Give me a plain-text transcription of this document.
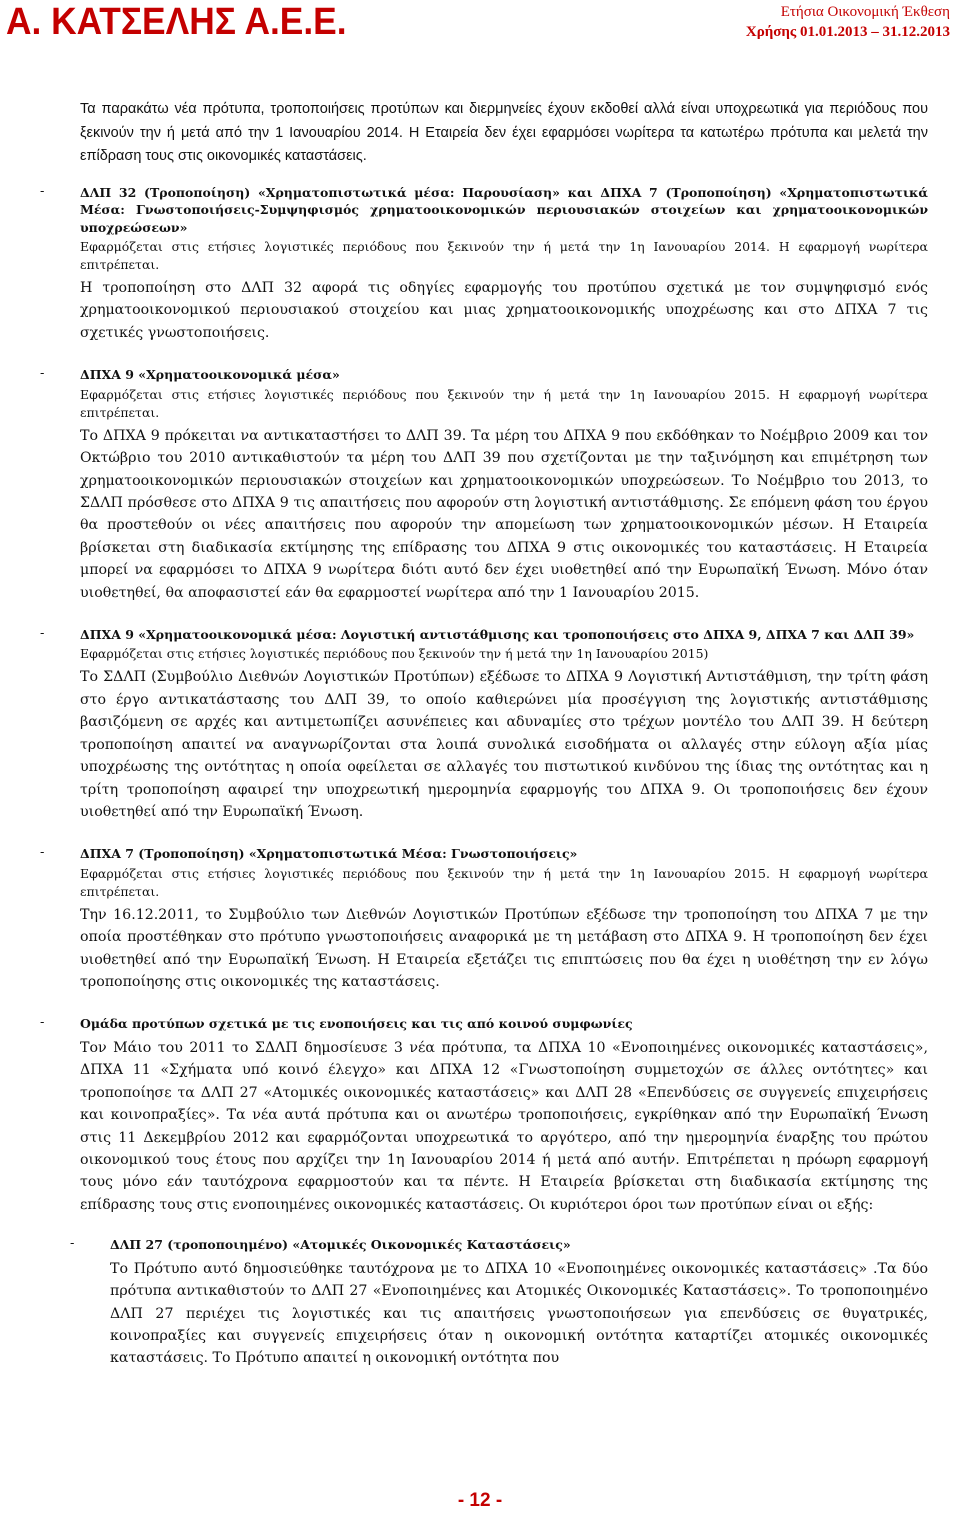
Α. ΚΑΤΣΕΛΗΣ Α.Ε.Ε.	Ετήσια Οικονομική Έκθεση
Χρήσης 01.01.2013 – 31.12.2013

Τα παρακάτω νέα πρότυπα, τροποποιήσεις προτύπων και διερμηνείες έχουν εκδοθεί αλλά είναι υποχρεωτικά για περιόδους που ξεκινούν την ή μετά από την 1 Ιανουαρίου 2014. Η Εταιρεία δεν έχει εφαρμόσει νωρίτερα τα κατωτέρω πρότυπα και μελετά την επίδραση τους στις οικονομικές καταστάσεις.

-	ΔΛΠ 32 (Τροποποίηση) «Χρηματοπιστωτικά μέσα: Παρουσίαση» και ΔΠΧΑ 7 (Τροποποίηση) «Χρηματοπιστωτικά Μέσα: Γνωστοποιήσεις-Συμψηφισμός χρηματοοικονομικών περιουσιακών στοιχείων και χρηματοοικονομικών υποχρεώσεων»

Εφαρμόζεται στις ετήσιες λογιστικές περιόδους που ξεκινούν την ή μετά την 1η Ιανουαρίου 2014. Η εφαρμογή νωρίτερα επιτρέπεται.

Η τροποποίηση στο ΔΛΠ 32 αφορά τις οδηγίες εφαρμογής του προτύπου σχετικά με τον συμψηφισμό ενός χρηματοοικονομικού περιουσιακού στοιχείου και μιας χρηματοοικονομικής υποχρέωσης και στο ΔΠΧΑ 7 τις σχετικές γνωστοποιήσεις.

-	ΔΠΧΑ 9 «Χρηματοοικονομικά μέσα»

Εφαρμόζεται στις ετήσιες λογιστικές περιόδους που ξεκινούν την ή μετά την 1η Ιανουαρίου 2015. Η εφαρμογή νωρίτερα επιτρέπεται.

Το ΔΠΧΑ 9 πρόκειται να αντικαταστήσει το ΔΛΠ 39. Τα μέρη του ΔΠΧΑ 9 που εκδόθηκαν το Νοέμβριο 2009 και τον Οκτώβριο του 2010 αντικαθιστούν τα μέρη του ΔΛΠ 39 που σχετίζονται με την ταξινόμηση και επιμέτρηση των χρηματοοικονομικών περιουσιακών στοιχείων και χρηματοοικονομικών υποχρεώσεων. Το Νοέμβριο του 2013, το ΣΔΛΠ πρόσθεσε στο ΔΠΧΑ 9 τις απαιτήσεις που αφορούν στη λογιστική αντιστάθμισης. Σε επόμενη φάση του έργου θα προστεθούν οι νέες απαιτήσεις που αφορούν την απομείωση των χρηματοοικονομικών μέσων. Η Εταιρεία βρίσκεται στη διαδικασία εκτίμησης της επίδρασης του ΔΠΧΑ 9 στις οικονομικές του καταστάσεις. Η Εταιρεία μπορεί να εφαρμόσει το ΔΠΧΑ 9 νωρίτερα διότι αυτό δεν έχει υιοθετηθεί από την Ευρωπαϊκή Ένωση. Μόνο όταν υιοθετηθεί, θα αποφασιστεί εάν θα εφαρμοστεί νωρίτερα από την 1 Ιανουαρίου 2015.

-	ΔΠΧΑ 9 «Χρηματοοικονομικά μέσα: Λογιστική αντιστάθμισης και τροποποιήσεις στο ΔΠΧΑ 9, ΔΠΧΑ 7 και ΔΛΠ 39»

Εφαρμόζεται στις ετήσιες λογιστικές περιόδους που ξεκινούν την ή μετά την 1η Ιανουαρίου 2015)

Το ΣΔΛΠ (Συμβούλιο Διεθνών Λογιστικών Προτύπων) εξέδωσε το ΔΠΧΑ 9 Λογιστική Αντιστάθμιση, την τρίτη φάση στο έργο αντικατάστασης του ΔΛΠ 39, το οποίο καθιερώνει μία προσέγγιση της λογιστικής αντιστάθμισης βασιζόμενη σε αρχές και αντιμετωπίζει ασυνέπειες και αδυναμίες στο τρέχων μοντέλο του ΔΛΠ 39. Η δεύτερη τροποποίηση απαιτεί να αναγνωρίζονται στα λοιπά συνολικά εισοδήματα οι αλλαγές στην εύλογη αξία μίας υποχρέωσης της οντότητας η οποία οφείλεται σε αλλαγές του πιστωτικού κινδύνου της ίδιας της οντότητας και η τρίτη τροποποίηση αφαιρεί την υποχρεωτική ημερομηνία εφαρμογής του ΔΠΧΑ 9. Οι τροποποιήσεις δεν έχουν υιοθετηθεί από την Ευρωπαϊκή Ένωση.

-	ΔΠΧΑ 7 (Τροποποίηση) «Χρηματοπιστωτικά Μέσα: Γνωστοποιήσεις»

Εφαρμόζεται στις ετήσιες λογιστικές περιόδους που ξεκινούν την ή μετά την 1η Ιανουαρίου 2015. Η εφαρμογή νωρίτερα επιτρέπεται.

Την 16.12.2011, το Συμβούλιο των Διεθνών Λογιστικών Προτύπων εξέδωσε την τροποποίηση του ΔΠΧΑ 7 με την οποία προστέθηκαν στο πρότυπο γνωστοποιήσεις αναφορικά με τη μετάβαση στο ΔΠΧΑ 9. Η τροποποίηση δεν έχει υιοθετηθεί από την Ευρωπαϊκή Ένωση. Η Εταιρεία εξετάζει τις επιπτώσεις που θα έχει η υιοθέτηση την εν λόγω τροποποίησης στις οικονομικές της καταστάσεις.

-	Ομάδα προτύπων σχετικά με τις ενοποιήσεις και τις από κοινού συμφωνίες

Τον Μάιο του 2011 το ΣΔΛΠ δημοσίευσε 3 νέα πρότυπα, τα ΔΠΧΑ 10 «Ενοποιημένες οικονομικές καταστάσεις», ΔΠΧΑ 11 «Σχήματα υπό κοινό έλεγχο» και ΔΠΧΑ 12 «Γνωστοποίηση συμμετοχών σε άλλες οντότητες» και τροποποίησε τα ΔΛΠ 27 «Ατομικές οικονομικές καταστάσεις» και ΔΛΠ 28 «Επενδύσεις σε συγγενείς επιχειρήσεις και κοινοπραξίες». Τα νέα αυτά πρότυπα και οι ανωτέρω τροποποιήσεις, εγκρίθηκαν από την Ευρωπαϊκή Ένωση στις 11 Δεκεμβρίου 2012 και εφαρμόζονται υποχρεωτικά το αργότερο, από την ημερομηνία έναρξης του πρώτου οικονομικού τους έτους που αρχίζει την 1η Ιανουαρίου 2014 ή μετά από αυτήν. Επιτρέπεται η πρόωρη εφαρμογή τους μόνο εάν ταυτόχρονα εφαρμοστούν και τα πέντε. Η Εταιρεία βρίσκεται στη διαδικασία εκτίμησης της επίδρασης τους στις ενοποιημένες οικονομικές καταστάσεις. Οι κυριότεροι όροι των προτύπων είναι οι εξής:

-	ΔΛΠ 27 (τροποποιημένο) «Ατομικές Οικονομικές Καταστάσεις»

Το Πρότυπο αυτό δημοσιεύθηκε ταυτόχρονα με το ΔΠΧΑ 10 «Ενοποιημένες οικονομικές καταστάσεις» .Τα δύο πρότυπα αντικαθιστούν το ΔΛΠ 27 «Ενοποιημένες και Ατομικές Οικονομικές Καταστάσεις». Το τροποποιημένο ΔΛΠ 27 περιέχει τις λογιστικές και τις απαιτήσεις γνωστοποιήσεων για επενδύσεις σε θυγατρικές, κοινοπραξίες και συγγενείς επιχειρήσεις όταν η οικονομική οντότητα καταρτίζει ατομικές οικονομικές καταστάσεις. Το Πρότυπο απαιτεί η οικονομική οντότητα που

- 12 -
